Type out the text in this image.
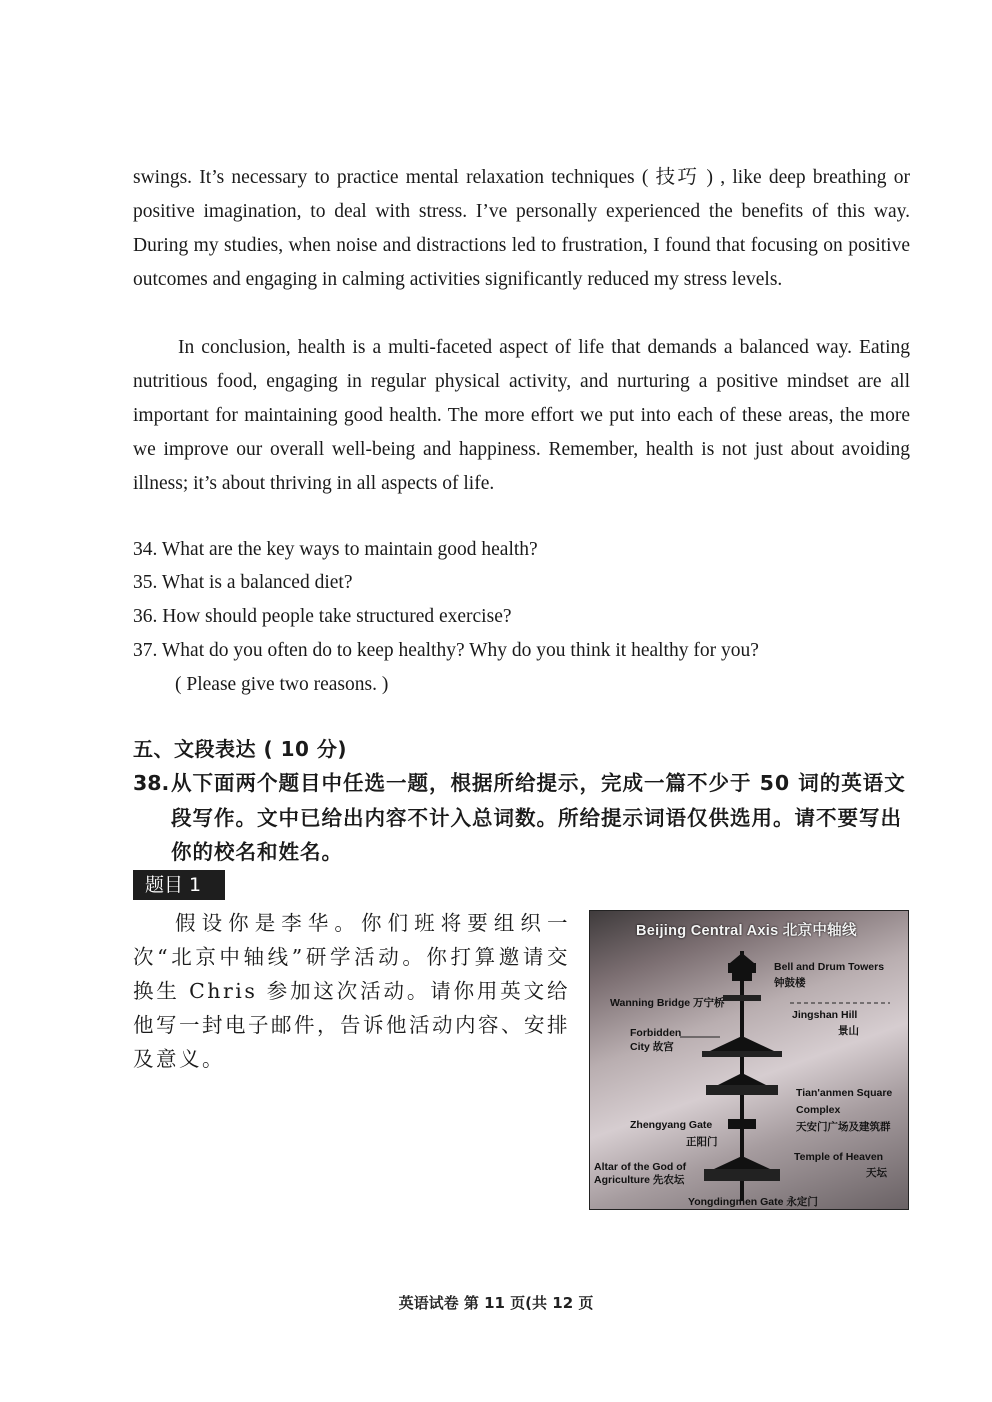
swings. It’s necessary to practice mental relaxation techniques ( 技巧 ) , like deep breathing or positive imagination, to deal with stress. I’ve personally experienced the benefits of this way. During my studies, when noise and distractions led to frustration, I found that focusing on positive outcomes and engaging in calming activities significantly reduced my stress levels.

In conclusion, health is a multi-faceted aspect of life that demands a balanced way. Eating nutritious food, engaging in regular physical activity, and nurturing a positive mindset are all important for maintaining good health. The more effort we put into each of these areas, the more we improve our overall well-being and happiness. Remember, health is not just about avoiding illness; it’s about thriving in all aspects of life.

34. What are the key ways to maintain good health?

35. What is a balanced diet?

36. How should people take structured exercise?

37. What do you often do to keep healthy? Why do you think it healthy for you?

( Please give two reasons. )

五、文段表达 ( 10 分)

38. 从下面两个题目中任选一题，根据所给提示，完成一篇不少于 50 词的英语文段写作。文中已给出内容不计入总词数。所给提示词语仅供选用。请不要写出你的校名和姓名。
题目 1

假设你是李华。你们班将要组织一次“北京中轴线”研学活动。你打算邀请交换生 Chris 参加这次活动。请你用英文给他写一封电子邮件，告诉他活动内容、安排及意义。

Beijing Central Axis 北京中轴线
Bell and Drum Towers
钟鼓楼
Wanning Bridge 万宁桥
Jingshan Hill
景山
Forbidden
City 故宫
Tian'anmen Square
Complex
天安门广场及建筑群
Zhengyang Gate
正阳门
Temple of Heaven
天坛
Altar of the God of
Agriculture 先农坛
Yongdingmen Gate 永定门
英语试卷 第 11 页(共 12 页
